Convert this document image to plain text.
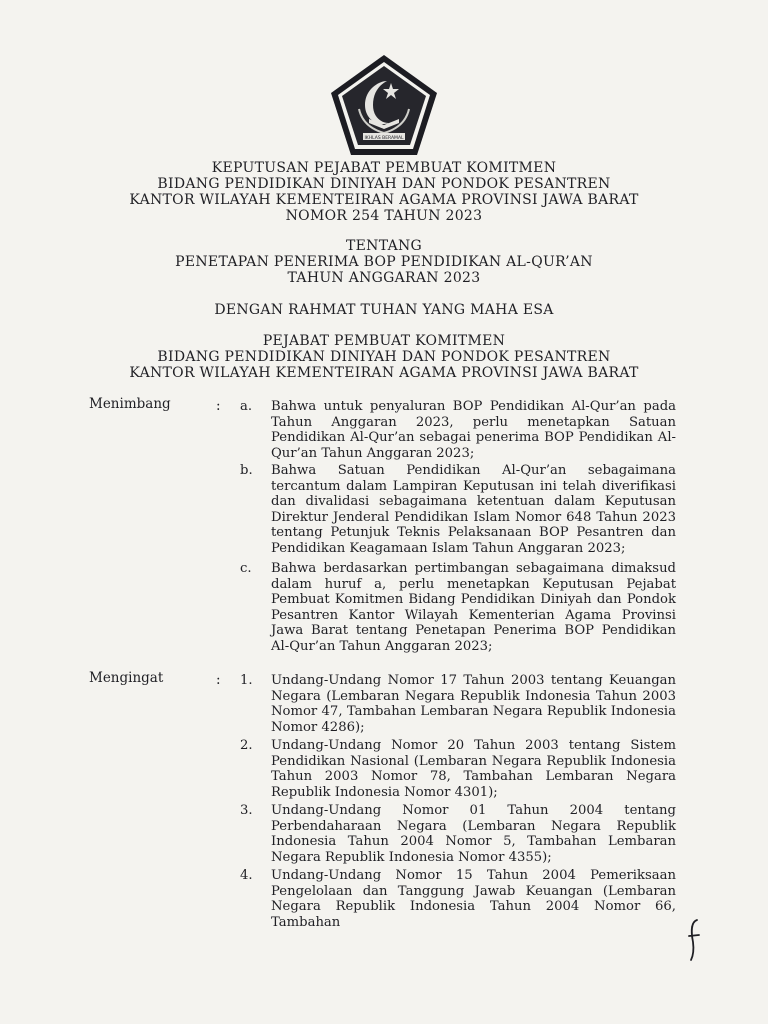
IKHLAS BERAMAL
KEPUTUSAN PEJABAT PEMBUAT KOMITMEN
BIDANG PENDIDIKAN DINIYAH DAN PONDOK PESANTREN
KANTOR WILAYAH KEMENTEIRAN AGAMA PROVINSI JAWA BARAT
NOMOR 254 TAHUN 2023
TENTANG
PENETAPAN PENERIMA BOP PENDIDIKAN AL-QUR’AN
TAHUN ANGGARAN 2023
DENGAN RAHMAT TUHAN YANG MAHA ESA
PEJABAT PEMBUAT KOMITMEN
BIDANG PENDIDIKAN DINIYAH DAN PONDOK PESANTREN
KANTOR WILAYAH KEMENTEIRAN AGAMA PROVINSI JAWA BARAT
Menimbang	: a. Bahwa untuk penyaluran BOP Pendidikan Al-Qur’an pada Tahun Anggaran 2023, perlu menetapkan Satuan Pendidikan Al-Qur’an sebagai penerima BOP Pendidikan Al-Qur’an Tahun Anggaran 2023;
b. Bahwa Satuan Pendidikan Al-Qur’an sebagaimana tercantum dalam Lampiran Keputusan ini telah diverifikasi dan divalidasi sebagaimana ketentuan dalam Keputusan Direktur Jenderal Pendidikan Islam Nomor 648 Tahun 2023 tentang Petunjuk Teknis Pelaksanaan BOP Pesantren dan Pendidikan Keagamaan Islam Tahun Anggaran 2023;
c. Bahwa berdasarkan pertimbangan sebagaimana dimaksud dalam huruf a, perlu menetapkan Keputusan Pejabat Pembuat Komitmen Bidang Pendidikan Diniyah dan Pondok Pesantren Kantor Wilayah Kementerian Agama Provinsi Jawa Barat tentang Penetapan Penerima BOP Pendidikan Al-Qur’an Tahun Anggaran 2023;
Mengingat	: 1. Undang-Undang Nomor 17 Tahun 2003 tentang Keuangan Negara (Lembaran Negara Republik Indonesia Tahun 2003 Nomor 47, Tambahan Lembaran Negara Republik Indonesia Nomor 4286);
2. Undang-Undang Nomor 20 Tahun 2003 tentang Sistem Pendidikan Nasional (Lembaran Negara Republik Indonesia Tahun 2003 Nomor 78, Tambahan Lembaran Negara Republik Indonesia Nomor 4301);
3. Undang-Undang Nomor 01 Tahun 2004 tentang Perbendaharaan Negara (Lembaran Negara Republik Indonesia Tahun 2004 Nomor 5, Tambahan Lembaran Negara Republik Indonesia Nomor 4355);
4. Undang-Undang Nomor 15 Tahun 2004 Pemeriksaan Pengelolaan dan Tanggung Jawab Keuangan (Lembaran Negara Republik Indonesia Tahun 2004 Nomor 66, Tambahan
